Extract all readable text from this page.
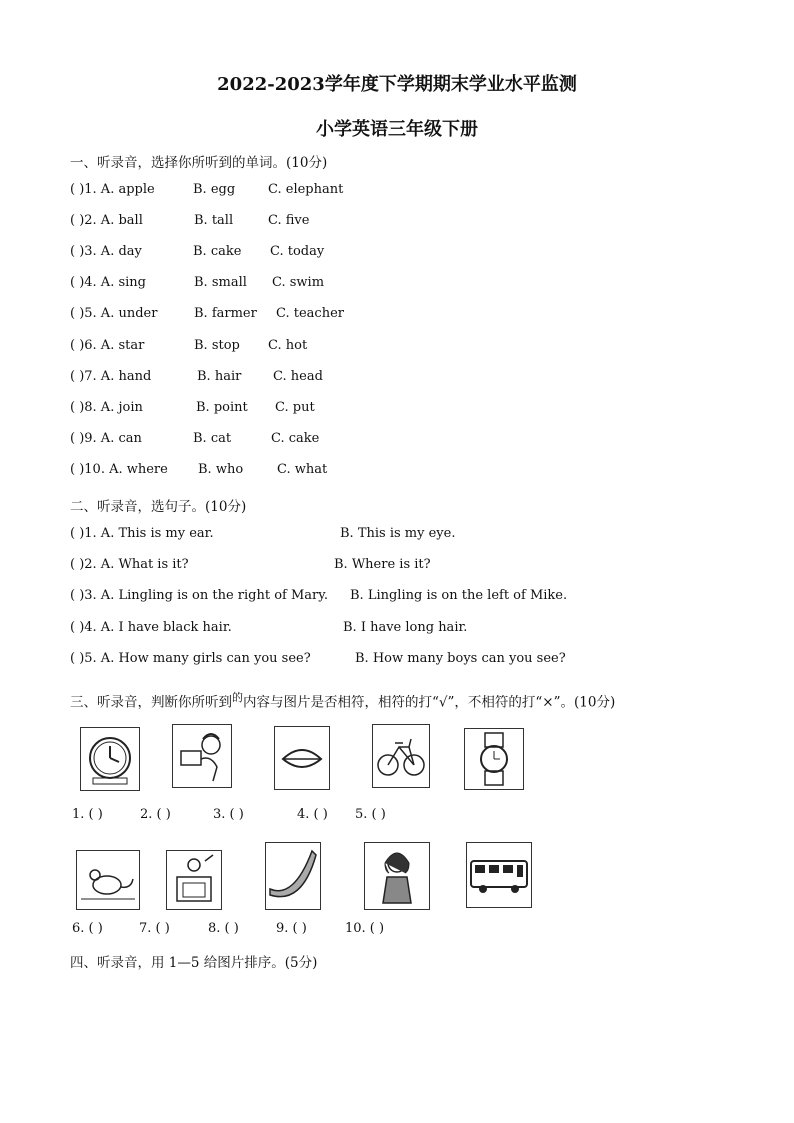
2022-2023学年度下学期期末学业水平监测
小学英语三年级下册
一、听录音，选择你所听到的单词。(10分)
( )1. A. apple	B. egg	C. elephant
( )2. A. ball	B. tall	C. five
( )3. A. day	B. cake C. today
( )4. A. sing	B. small C. swim
( )5. A. under	B. farmer C. teacher
( )6. A. star	B. stop C. hot
( )7. A. hand	B. hair C. head
( )8. A. join	B. point C. put
( )9. A. can	B. cat	C. cake
( )10. A. where B. who	C. what
二、听录音，选句子。(10分)
( )1. A. This is my ear.	B. This is my eye.
( )2. A. What is it?	B. Where is it?
( )3. A. Lingling is on the right of Mary. B. Lingling is on the left of Mike.
( )4. A. I have black hair.	B. I have long hair.
( )5. A. How many girls can you see?	B. How many boys can you see?
三、听录音，判断你所听到$^的$内容与图片是否相符，相符的打“√”，不相符的打“×”。(10分)
1. ( )	2. ( )	3. ( )	4. ( ) 5. ( )
6. ( )	7. ( )	8. ( )	9. ( )	10. ( )
四、听录音，用 1—5 给图片排序。(5分)
